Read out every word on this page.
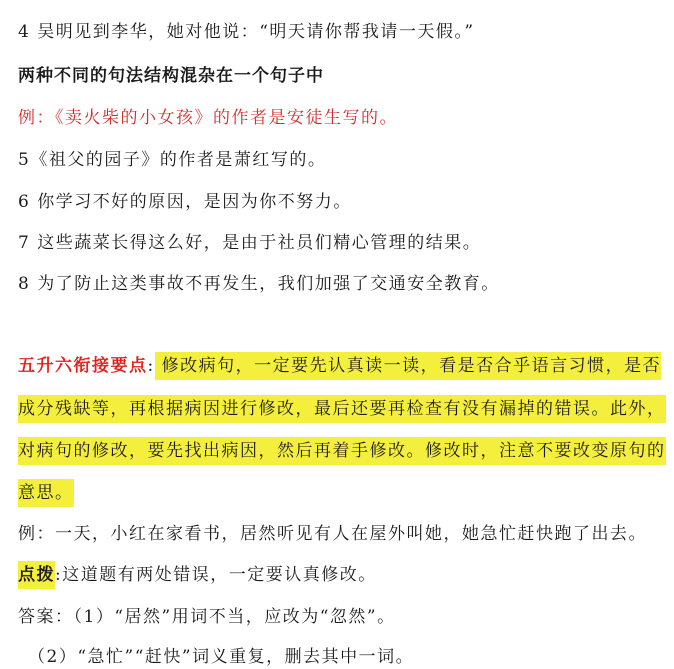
4 吴明见到李华，她对他说：“明天请你帮我请一天假。”
两种不同的句法结构混杂在一个句子中
例：《卖火柴的小女孩》的作者是安徒生写的。
5《祖父的园子》的作者是萧红写的。
6 你学习不好的原因，是因为你不努力。
7 这些蔬菜长得这么好，是由于社员们精心管理的结果。
8 为了防止这类事故不再发生，我们加强了交通安全教育。
五升六衔接要点: 修改病句，一定要先认真读一读，看是否合乎语言习惯，是否
成分残缺等，再根据病因进行修改，最后还要再检查有没有漏掉的错误。此外，
对病句的修改，要先找出病因，然后再着手修改。修改时，注意不要改变原句的
意思。
例：一天，小红在家看书，居然听见有人在屋外叫她，她急忙赶快跑了出去。
点拨:这道题有两处错误，一定要认真修改。
答案：（1）“居然”用词不当，应改为“忽然”。
（2）“急忙”“赶快”词义重复，删去其中一词。
